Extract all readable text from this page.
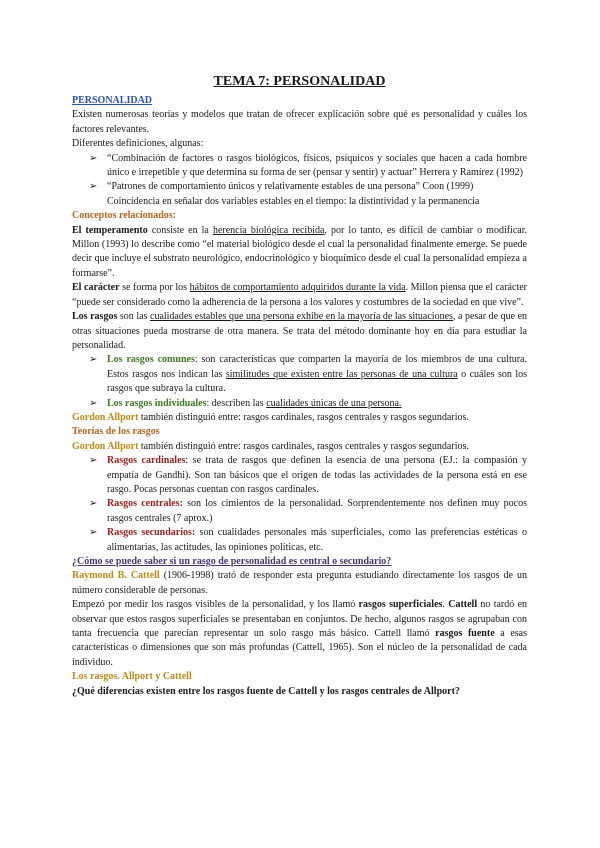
TEMA 7: PERSONALIDAD

PERSONALIDAD

Existen numerosas teorías y modelos que tratan de ofrecer explicación sobre qué es personalidad y cuáles los factores relevantes.

Diferentes definiciones, algunas:

➢ “Combinación de factores o rasgos biológicos, físicos, psíquicos y sociales que hacen a cada hombre único e irrepetible y que determina su forma de ser (pensar y sentir) y actuar” Herrera y Ramírez (1992)
➢ “Patrones de comportamiento únicos y relativamente estables de una persona” Coon (1999) Coincidencia en señalar dos variables estables en el tiempo: la distintividad y la permanencia

Conceptos relacionados:

El temperamento consiste en la herencia biológica recibida, por lo tanto, es difícil de cambiar o modificar. Millon (1993) lo describe como “el material biológico desde el cual la personalidad finalmente emerge. Se puede decir que incluye el substrato neurológico, endocrinológico y bioquímico desde el cual la personalidad empieza a formarse”.

El carácter se forma por los hábitos de comportamiento adquiridos durante la vida. Millon piensa que el carácter “puede ser considerado como la adherencia de la persona a los valores y costumbres de la sociedad en que vive”.

Los rasgos son las cualidades estables que una persona exhibe en la mayoría de las situaciones, a pesar de que en otras situaciones pueda mostrarse de otra manera. Se trata del método dominante hoy en día para estudiar la personalidad.

➢ Los rasgos comunes: son características que comparten la mayoría de los miembros de una cultura. Estos rasgos nos indican las similitudes que existen entre las personas de una cultura o cuáles son los rasgos que subraya la cultura.
➢ Los rasgos individuales: describen las cualidades únicas de una persona.

Gordon Allport también distinguió entre: rasgos cardinales, rasgos centrales y rasgos segundarios.

Teorías de los rasgos

Gordon Allport también distinguió entre: rasgos cardinales, rasgos centrales y rasgos segundarios.

➢ Rasgos cardinales: se trata de rasgos que definen la esencia de una persona (EJ.: la compasión y empatía de Gandhi). Son tan básicos que el origen de todas las actividades de la persona está en ese rasgo. Pocas personas cuentan con rasgos cardinales.
➢ Rasgos centrales: son los cimientos de la personalidad. Sorprendentemente nos definen muy pocos rasgos centrales (7 aprox.)
➢ Rasgos secundarios: son cualidades personales más superficiales, como las preferencias estéticas o alimentarias, las actitudes, las opiniones políticas, etc.

¿Cómo se puede saber si un rasgo de personalidad es central o secundario?

Raymond B. Cattell (1906-1998) trató de responder esta pregunta estudiando directamente los rasgos de un número considerable de personas.

Empezó por medir los rasgos visibles de la personalidad, y los llamó rasgos superficiales. Cattell no tardó en observar que estos rasgos superficiales se presentaban en conjuntos. De hecho, algunos rasgos se agrupaban con tanta frecuencia que parecían representar un solo rasgo más básico. Cattell llamó rasgos fuente a esas características o dimensiones que son más profundas (Cattell, 1965). Son el núcleo de la personalidad de cada individuo.

Los rasgos. Allport y Cattell

¿Qué diferencias existen entre los rasgos fuente de Cattell y los rasgos centrales de Allport?
